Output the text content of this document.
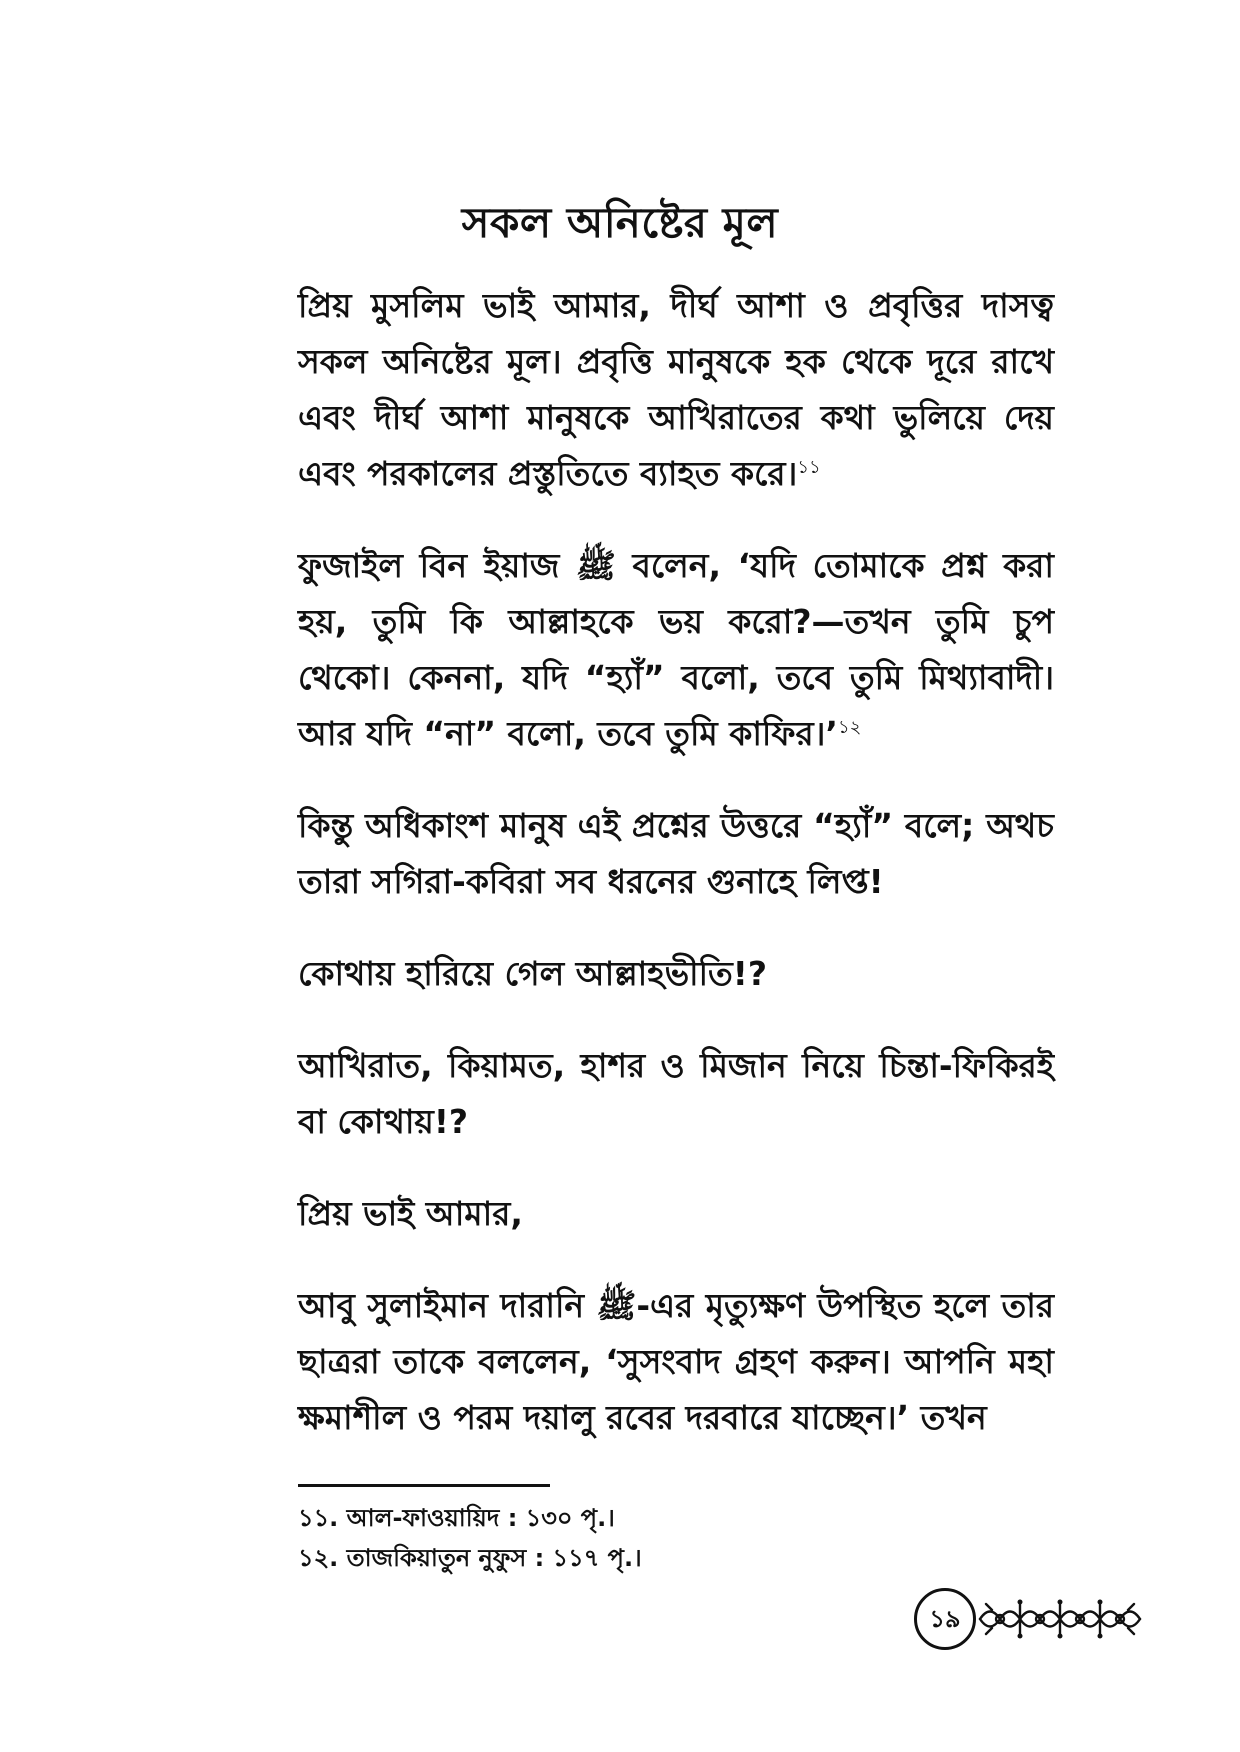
সকল অনিষ্টের মূল

প্রিয় মুসলিম ভাই আমার, দীর্ঘ আশা ও প্রবৃত্তির দাসত্ব সকল অনিষ্টের মূল। প্রবৃত্তি মানুষকে হক থেকে দূরে রাখে এবং দীর্ঘ আশা মানুষকে আখিরাতের কথা ভুলিয়ে দেয় এবং পরকালের প্রস্তুতিতে ব্যাহত করে।$^{১১}$

ফুজাইল বিন ইয়াজ ﷺ বলেন, ‘যদি তোমাকে প্রশ্ন করা হয়, তুমি কি আল্লাহকে ভয় করো?—তখন তুমি চুপ থেকো। কেননা, যদি “হ্যাঁ” বলো, তবে তুমি মিথ্যাবাদী। আর যদি “না” বলো, তবে তুমি কাফির।’$^{১২}$

কিন্তু অধিকাংশ মানুষ এই প্রশ্নের উত্তরে “হ্যাঁ” বলে; অথচ তারা সগিরা-কবিরা সব ধরনের গুনাহে লিপ্ত!

কোথায় হারিয়ে গেল আল্লাহভীতি!?

আখিরাত, কিয়ামত, হাশর ও মিজান নিয়ে চিন্তা-ফিকিরই বা কোথায়!?

প্রিয় ভাই আমার,

আবু সুলাইমান দারানি ﷺ-এর মৃত্যুক্ষণ উপস্থিত হলে তার ছাত্ররা তাকে বললেন, ‘সুসংবাদ গ্রহণ করুন। আপনি মহা ক্ষমাশীল ও পরম দয়ালু রবের দরবারে যাচ্ছেন।’ তখন

১১. আল-ফাওয়ায়িদ : ১৩০ পৃ.।
১২. তাজকিয়াতুন নুফুস : ১১৭ পৃ.।
১৯
